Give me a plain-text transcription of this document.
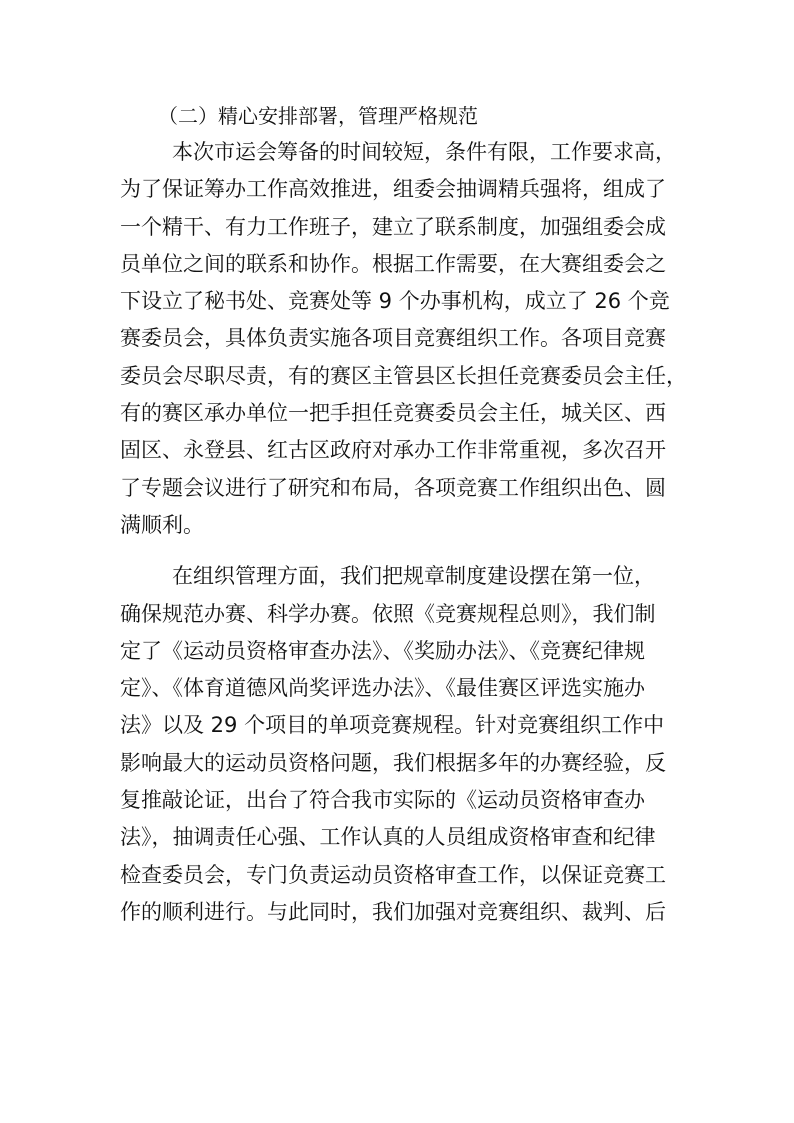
（二）精心安排部署，管理严格规范
本次市运会筹备的时间较短，条件有限，工作要求高，
为了保证筹办工作高效推进，组委会抽调精兵强将，组成了
一个精干、有力工作班子，建立了联系制度，加强组委会成
员单位之间的联系和协作。根据工作需要，在大赛组委会之
下设立了秘书处、竞赛处等 9 个办事机构，成立了 26 个竞
赛委员会，具体负责实施各项目竞赛组织工作。各项目竞赛
委员会尽职尽责，有的赛区主管县区长担任竞赛委员会主任，
有的赛区承办单位一把手担任竞赛委员会主任，城关区、西
固区、永登县、红古区政府对承办工作非常重视，多次召开
了专题会议进行了研究和布局，各项竞赛工作组织出色、圆
满顺利。
在组织管理方面，我们把规章制度建设摆在第一位，
确保规范办赛、科学办赛。依照《竞赛规程总则》，我们制
定了《运动员资格审查办法》、《奖励办法》、《竞赛纪律规
定》、《体育道德风尚奖评选办法》、《最佳赛区评选实施办
法》以及 29 个项目的单项竞赛规程。针对竞赛组织工作中
影响最大的运动员资格问题，我们根据多年的办赛经验，反
复推敲论证，出台了符合我市实际的《运动员资格审查办
法》，抽调责任心强、工作认真的人员组成资格审查和纪律
检查委员会，专门负责运动员资格审查工作，以保证竞赛工
作的顺利进行。与此同时，我们加强对竞赛组织、裁判、后
